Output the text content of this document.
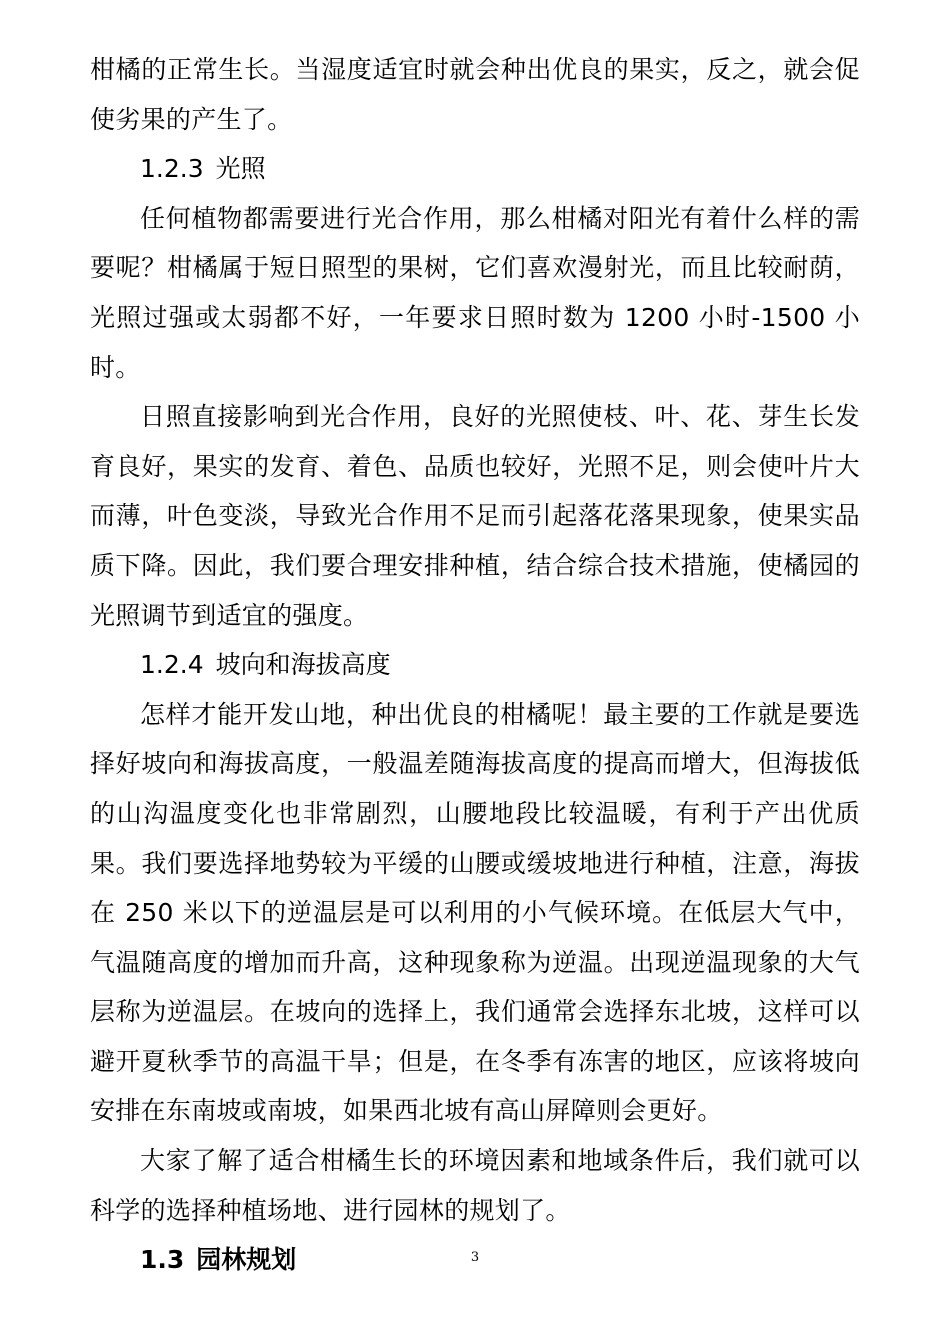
柑橘的正常生长。当湿度适宜时就会种出优良的果实，反之，就会促使劣果的产生了。

1.2.3 光照

任何植物都需要进行光合作用，那么柑橘对阳光有着什么样的需要呢？柑橘属于短日照型的果树，它们喜欢漫射光，而且比较耐荫，光照过强或太弱都不好，一年要求日照时数为 1200 小时-1500 小时。

日照直接影响到光合作用，良好的光照使枝、叶、花、芽生长发育良好，果实的发育、着色、品质也较好，光照不足，则会使叶片大而薄，叶色变淡，导致光合作用不足而引起落花落果现象，使果实品质下降。因此，我们要合理安排种植，结合综合技术措施，使橘园的光照调节到适宜的强度。

1.2.4 坡向和海拔高度

怎样才能开发山地，种出优良的柑橘呢！最主要的工作就是要选择好坡向和海拔高度，一般温差随海拔高度的提高而增大，但海拔低的山沟温度变化也非常剧烈，山腰地段比较温暖，有利于产出优质果。我们要选择地势较为平缓的山腰或缓坡地进行种植，注意，海拔在 250 米以下的逆温层是可以利用的小气候环境。在低层大气中，气温随高度的增加而升高，这种现象称为逆温。出现逆温现象的大气层称为逆温层。在坡向的选择上，我们通常会选择东北坡，这样可以避开夏秋季节的高温干旱；但是，在冬季有冻害的地区，应该将坡向安排在东南坡或南坡，如果西北坡有高山屏障则会更好。

大家了解了适合柑橘生长的环境因素和地域条件后，我们就可以科学的选择种植场地、进行园林的规划了。

1.3 园林规划	3
